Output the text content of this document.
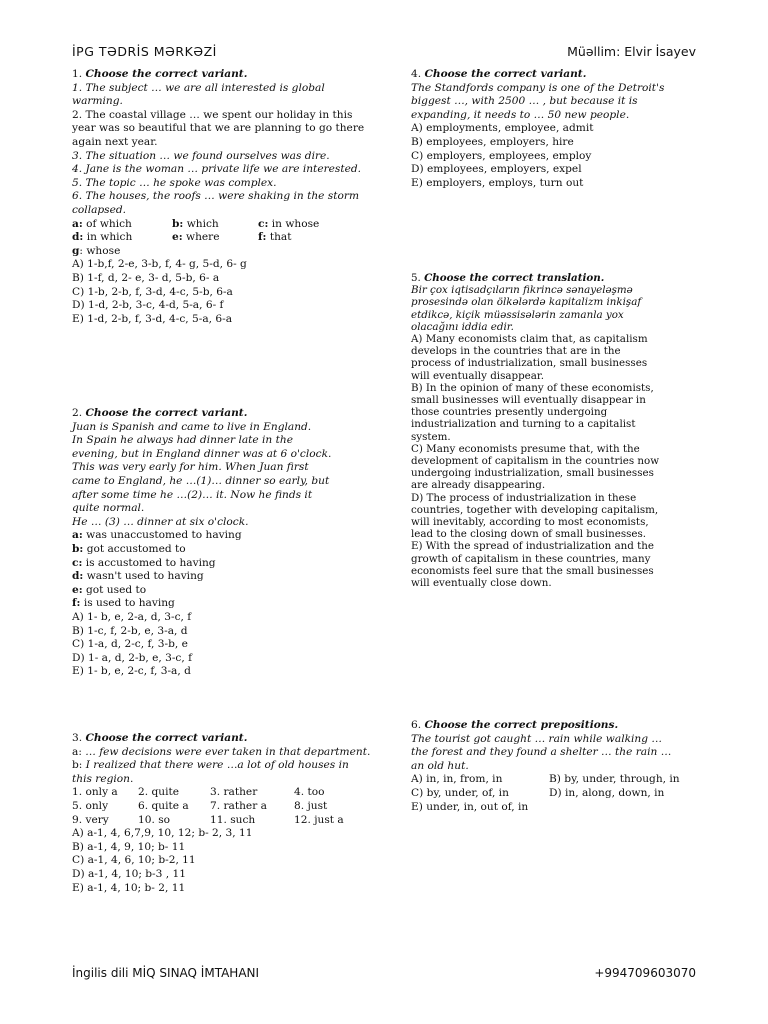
İPG TƏDRİS MƏRKƏZİ	Müəllim: Elvir İsayev
1. Choose the correct variant.
1. The subject … we are all interested is global warming.
2. The coastal village … we spent our holiday in this year was so beautiful that we are planning to go there again next year.
3. The situation … we found ourselves was dire.
4. Jane is the woman … private life we are interested.
5. The topic … he spoke was complex.
6. The houses, the roofs … were shaking in the storm collapsed.
a: of which	b: which	c: in whose
d: in which	e: where	f: that
g: whose
A) 1-b,f, 2-e, 3-b, f, 4- g, 5-d, 6- g
B) 1-f, d, 2- e, 3- d, 5-b, 6- a
C) 1-b, 2-b, f, 3-d, 4-c, 5-b, 6-a
D) 1-d, 2-b, 3-c, 4-d, 5-a, 6- f
E) 1-d, 2-b, f, 3-d, 4-c, 5-a, 6-a
2. Choose the correct variant.
Juan is Spanish and came to live in England.
In Spain he always had dinner late in the
evening, but in England dinner was at 6 o'clock.
This was very early for him. When Juan first
came to England, he …(1)… dinner so early, but
after some time he …(2)… it. Now he finds it
quite normal.
He … (3) … dinner at six o'clock.
a: was unaccustomed to having
b: got accustomed to
c: is accustomed to having
d: wasn't used to having
e: got used to
f: is used to having
A) 1- b, e, 2-a, d, 3-c, f
B) 1-c, f, 2-b, e, 3-a, d
C) 1-a, d, 2-c, f, 3-b, e
D) 1- a, d, 2-b, e, 3-c, f
E) 1- b, e, 2-c, f, 3-a, d
3. Choose the correct variant.
a: … few decisions were ever taken in that department.
b: I realized that there were …a lot of old houses in this region.
1. only a	2. quite	3. rather	4. too
5. only	6. quite a	7. rather a	8. just
9. very	10. so	11. such	12. just a
A) a-1, 4, 6,7,9, 10, 12; b- 2, 3, 11
B) a-1, 4, 9, 10; b- 11
C) a-1, 4, 6, 10; b-2, 11
D) a-1, 4, 10; b-3 , 11
E) a-1, 4, 10; b- 2, 11
4. Choose the correct variant.
The Standfords company is one of the Detroit's
biggest …, with 2500 … , but because it is
expanding, it needs to … 50 new people.
A) employments, employee, admit
B) employees, employers, hire
C) employers, employees, employ
D) employees, employers, expel
E) employers, employs, turn out
5. Choose the correct translation.
Bir çox iqtisadçıların fikrincə sənayeləşmə
prosesində olan ölkələrdə kapitalizm inkişaf
etdikcə, kiçik müəssisələrin zamanla yox
olacağını iddia edir.
A) Many economists claim that, as capitalism
develops in the countries that are in the
process of industrialization, small businesses
will eventually disappear.
B) In the opinion of many of these economists,
small businesses will eventually disappear in
those countries presently undergoing
industrialization and turning to a capitalist
system.
C) Many economists presume that, with the
development of capitalism in the countries now
undergoing industrialization, small businesses
are already disappearing.
D) The process of industrialization in these
countries, together with developing capitalism,
will inevitably, according to most economists,
lead to the closing down of small businesses.
E) With the spread of industrialization and the
growth of capitalism in these countries, many
economists feel sure that the small businesses
will eventually close down.
6. Choose the correct prepositions.
The tourist got caught … rain while walking …
the forest and they found a shelter … the rain …
an old hut.
A) in, in, from, in	B) by, under, through, in
C) by, under, of, in	D) in, along, down, in
E) under, in, out of, in
İngilis dili MİQ SINAQ İMTAHANI	+994709603070
